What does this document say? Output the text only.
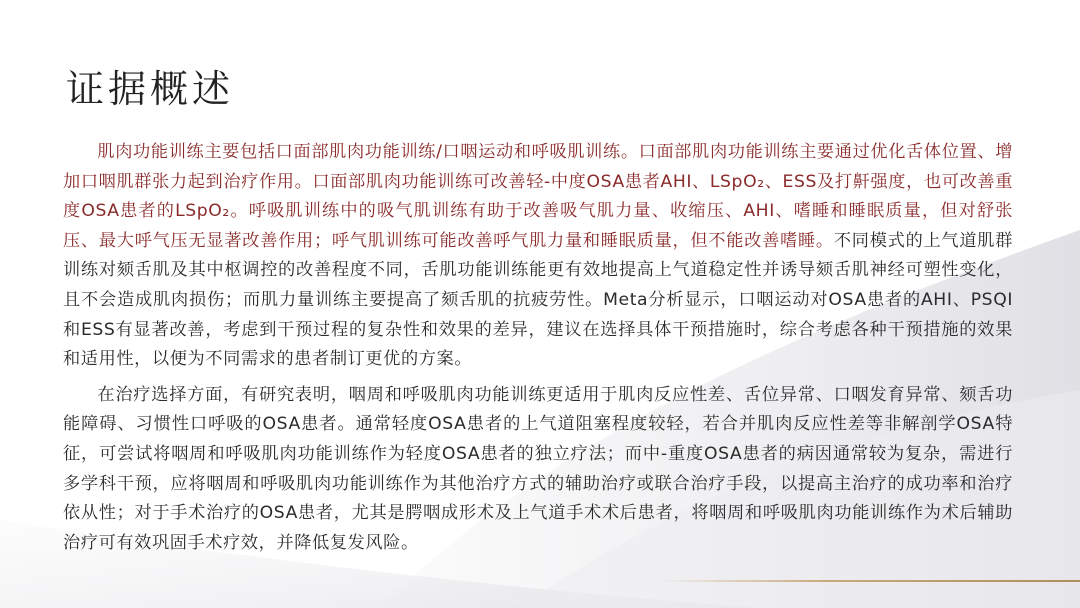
证据概述

肌肉功能训练主要包括口面部肌肉功能训练/口咽运动和呼吸肌训练。口面部肌肉功能训练主要通过优化舌体位置、增加口咽肌群张力起到治疗作用。口面部肌肉功能训练可改善轻-中度OSA患者AHI、LSpO₂、ESS及打鼾强度，也可改善重度OSA患者的LSpO₂。呼吸肌训练中的吸气肌训练有助于改善吸气肌力量、收缩压、AHI、嗜睡和睡眠质量，但对舒张压、最大呼气压无显著改善作用；呼气肌训练可能改善呼气肌力量和睡眠质量，但不能改善嗜睡。不同模式的上气道肌群训练对颏舌肌及其中枢调控的改善程度不同，舌肌功能训练能更有效地提高上气道稳定性并诱导颏舌肌神经可塑性变化，且不会造成肌肉损伤；而肌力量训练主要提高了颏舌肌的抗疲劳性。Meta分析显示，口咽运动对OSA患者的AHI、PSQI和ESS有显著改善，考虑到干预过程的复杂性和效果的差异，建议在选择具体干预措施时，综合考虑各种干预措施的效果和适用性，以便为不同需求的患者制订更优的方案。

在治疗选择方面，有研究表明，咽周和呼吸肌肉功能训练更适用于肌肉反应性差、舌位异常、口咽发育异常、颏舌功能障碍、习惯性口呼吸的OSA患者。通常轻度OSA患者的上气道阻塞程度较轻，若合并肌肉反应性差等非解剖学OSA特征，可尝试将咽周和呼吸肌肉功能训练作为轻度OSA患者的独立疗法；而中-重度OSA患者的病因通常较为复杂，需进行多学科干预，应将咽周和呼吸肌肉功能训练作为其他治疗方式的辅助治疗或联合治疗手段，以提高主治疗的成功率和治疗依从性；对于手术治疗的OSA患者，尤其是腭咽成形术及上气道手术术后患者，将咽周和呼吸肌肉功能训练作为术后辅助治疗可有效巩固手术疗效，并降低复发风险。
